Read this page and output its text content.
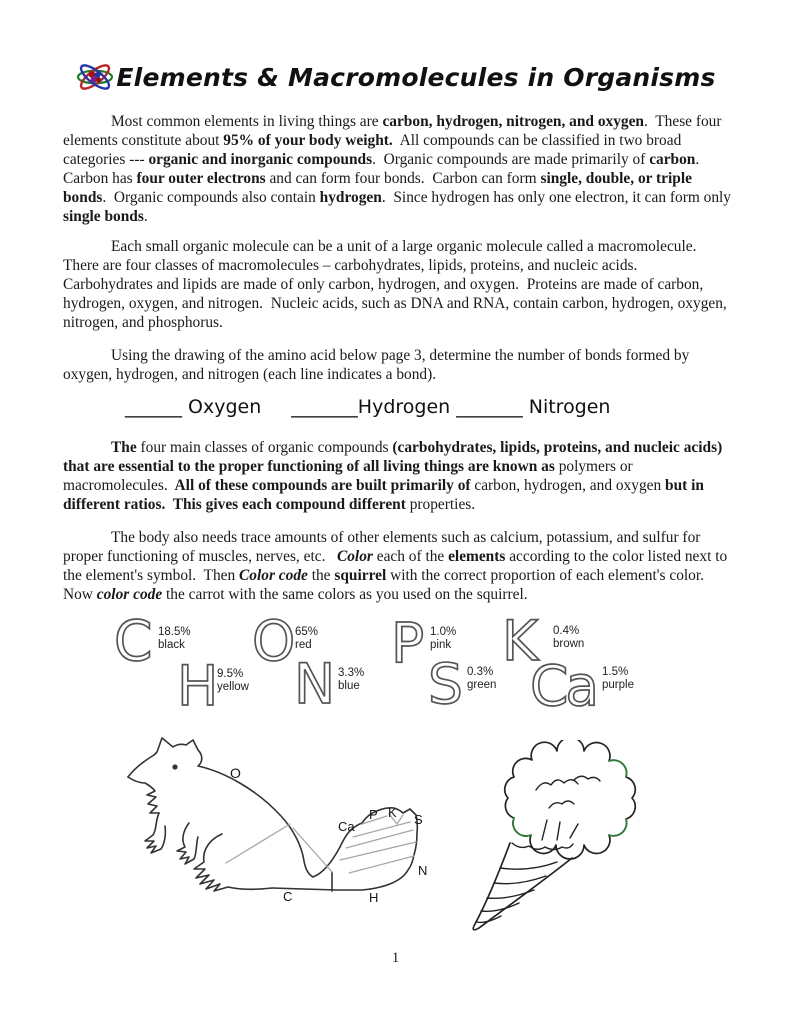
Elements & Macromolecules in Organisms
Most common elements in living things are carbon, hydrogen, nitrogen, and oxygen.  These four elements constitute about 95% of your body weight.  All compounds can be classified in two broad categories --- organic and inorganic compounds.  Organic compounds are made primarily of carbon.  Carbon has four outer electrons and can form four bonds.  Carbon can form single, double, or triple bonds.  Organic compounds also contain hydrogen.  Since hydrogen has only one electron, it can form only single bonds.
Each small organic molecule can be a unit of a large organic molecule called a macromolecule.  There are four classes of macromolecules – carbohydrates, lipids, proteins, and nucleic acids.  Carbohydrates and lipids are made of only carbon, hydrogen, and oxygen.  Proteins are made of carbon, hydrogen, oxygen, and nitrogen.  Nucleic acids, such as DNA and RNA, contain carbon, hydrogen, oxygen, nitrogen, and phosphorus.
Using the drawing of the amino acid below page 3, determine the number of bonds formed by oxygen, hydrogen, and nitrogen (each line indicates a bond).
The four main classes of organic compounds (carbohydrates, lipids, proteins, and nucleic acids) that are essential to the proper functioning of all living things are known as polymers or macromolecules.  All of these compounds are built primarily of carbon, hydrogen, and oxygen but in different ratios.  This gives each compound different properties.
The body also needs trace amounts of other elements such as calcium, potassium, and sulfur for proper functioning of muscles, nerves, etc.   Color each of the elements according to the color listed next to the element's symbol.  Then Color code the squirrel with the correct proportion of each element's color. Now color code the carrot with the same colors as you used on the squirrel.
______ Oxygen _______Hydrogen _______ Nitrogen
C 18.5%
black
H 9.5%
yellow
O 65%
red
N 3.3%
blue
P 1.0%
pink
S 0.3%
green
K 0.4%
brown
Ca 1.5%
purple
O
Ca
P K S
N
C	H
1
